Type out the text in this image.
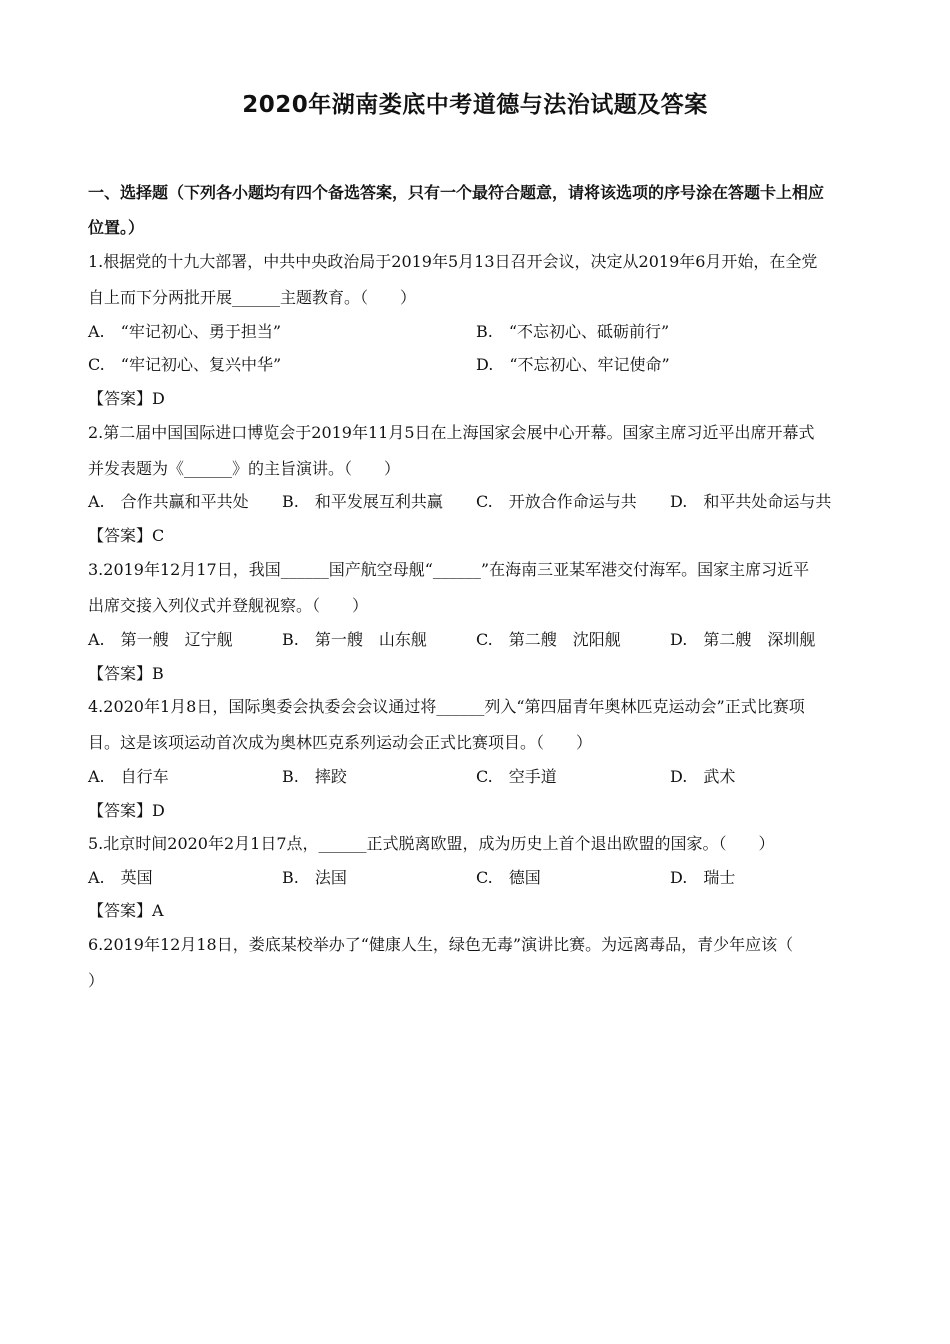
2020年湖南娄底中考道德与法治试题及答案
一、选择题（下列各小题均有四个备选答案，只有一个最符合题意，请将该选项的序号涂在答题卡上相应
位置。）
1.根据党的十九大部署，中共中央政治局于2019年5月13日召开会议，决定从2019年6月开始，在全党
自上而下分两批开展______主题教育。（　　）
A.　“牢记初心、勇于担当”	B.　“不忘初心、砥砺前行”
C.　“牢记初心、复兴中华”	D.　“不忘初心、牢记使命”
【答案】D
2.第二届中国国际进口博览会于2019年11月5日在上海国家会展中心开幕。国家主席习近平出席开幕式
并发表题为《______》的主旨演讲。（　　）
A.　合作共赢和平共处 B.　和平发展互利共赢 C.　开放合作命运与共 D.　和平共处命运与共
【答案】C
3.2019年12月17日，我国______国产航空母舰“______”在海南三亚某军港交付海军。国家主席习近平
出席交接入列仪式并登舰视察。（　　）
A.　第一艘　辽宁舰	B.　第一艘　山东舰	C.　第二艘　沈阳舰	D.　第二艘　深圳舰
【答案】B
4.2020年1月8日，国际奥委会执委会会议通过将______列入“第四届青年奥林匹克运动会”正式比赛项
目。这是该项运动首次成为奥林匹克系列运动会正式比赛项目。（　　）
A.　自行车	B.　摔跤	C.　空手道	D.　武术
【答案】D
5.北京时间2020年2月1日7点，______正式脱离欧盟，成为历史上首个退出欧盟的国家。（　　）
A.　英国	B.　法国	C.　德国	D.　瑞士
【答案】A
6.2019年12月18日，娄底某校举办了“健康人生，绿色无毒”演讲比赛。为远离毒品，青少年应该（
）
